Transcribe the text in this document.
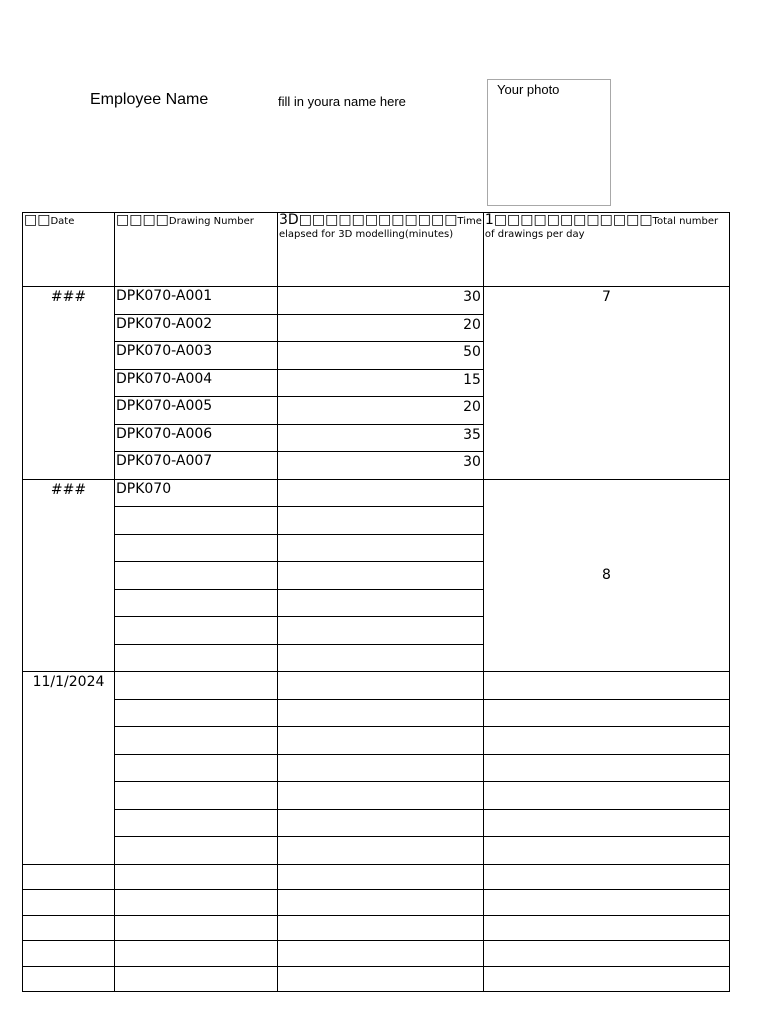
Employee Name	fill in youra name here
Your photo
□□Date	□□□□Drawing Number	3D□□□□□□□□□□□□Time elapsed for 3D modelling(minutes)	1□□□□□□□□□□□□Total number of drawings per day
###	DPK070-A001	30	7
	DPK070-A002	20	
	DPK070-A003	50	
	DPK070-A004	15	
	DPK070-A005	20	
	DPK070-A006	35	
	DPK070-A007	30	
###	DPK070		8

11/1/2024			
